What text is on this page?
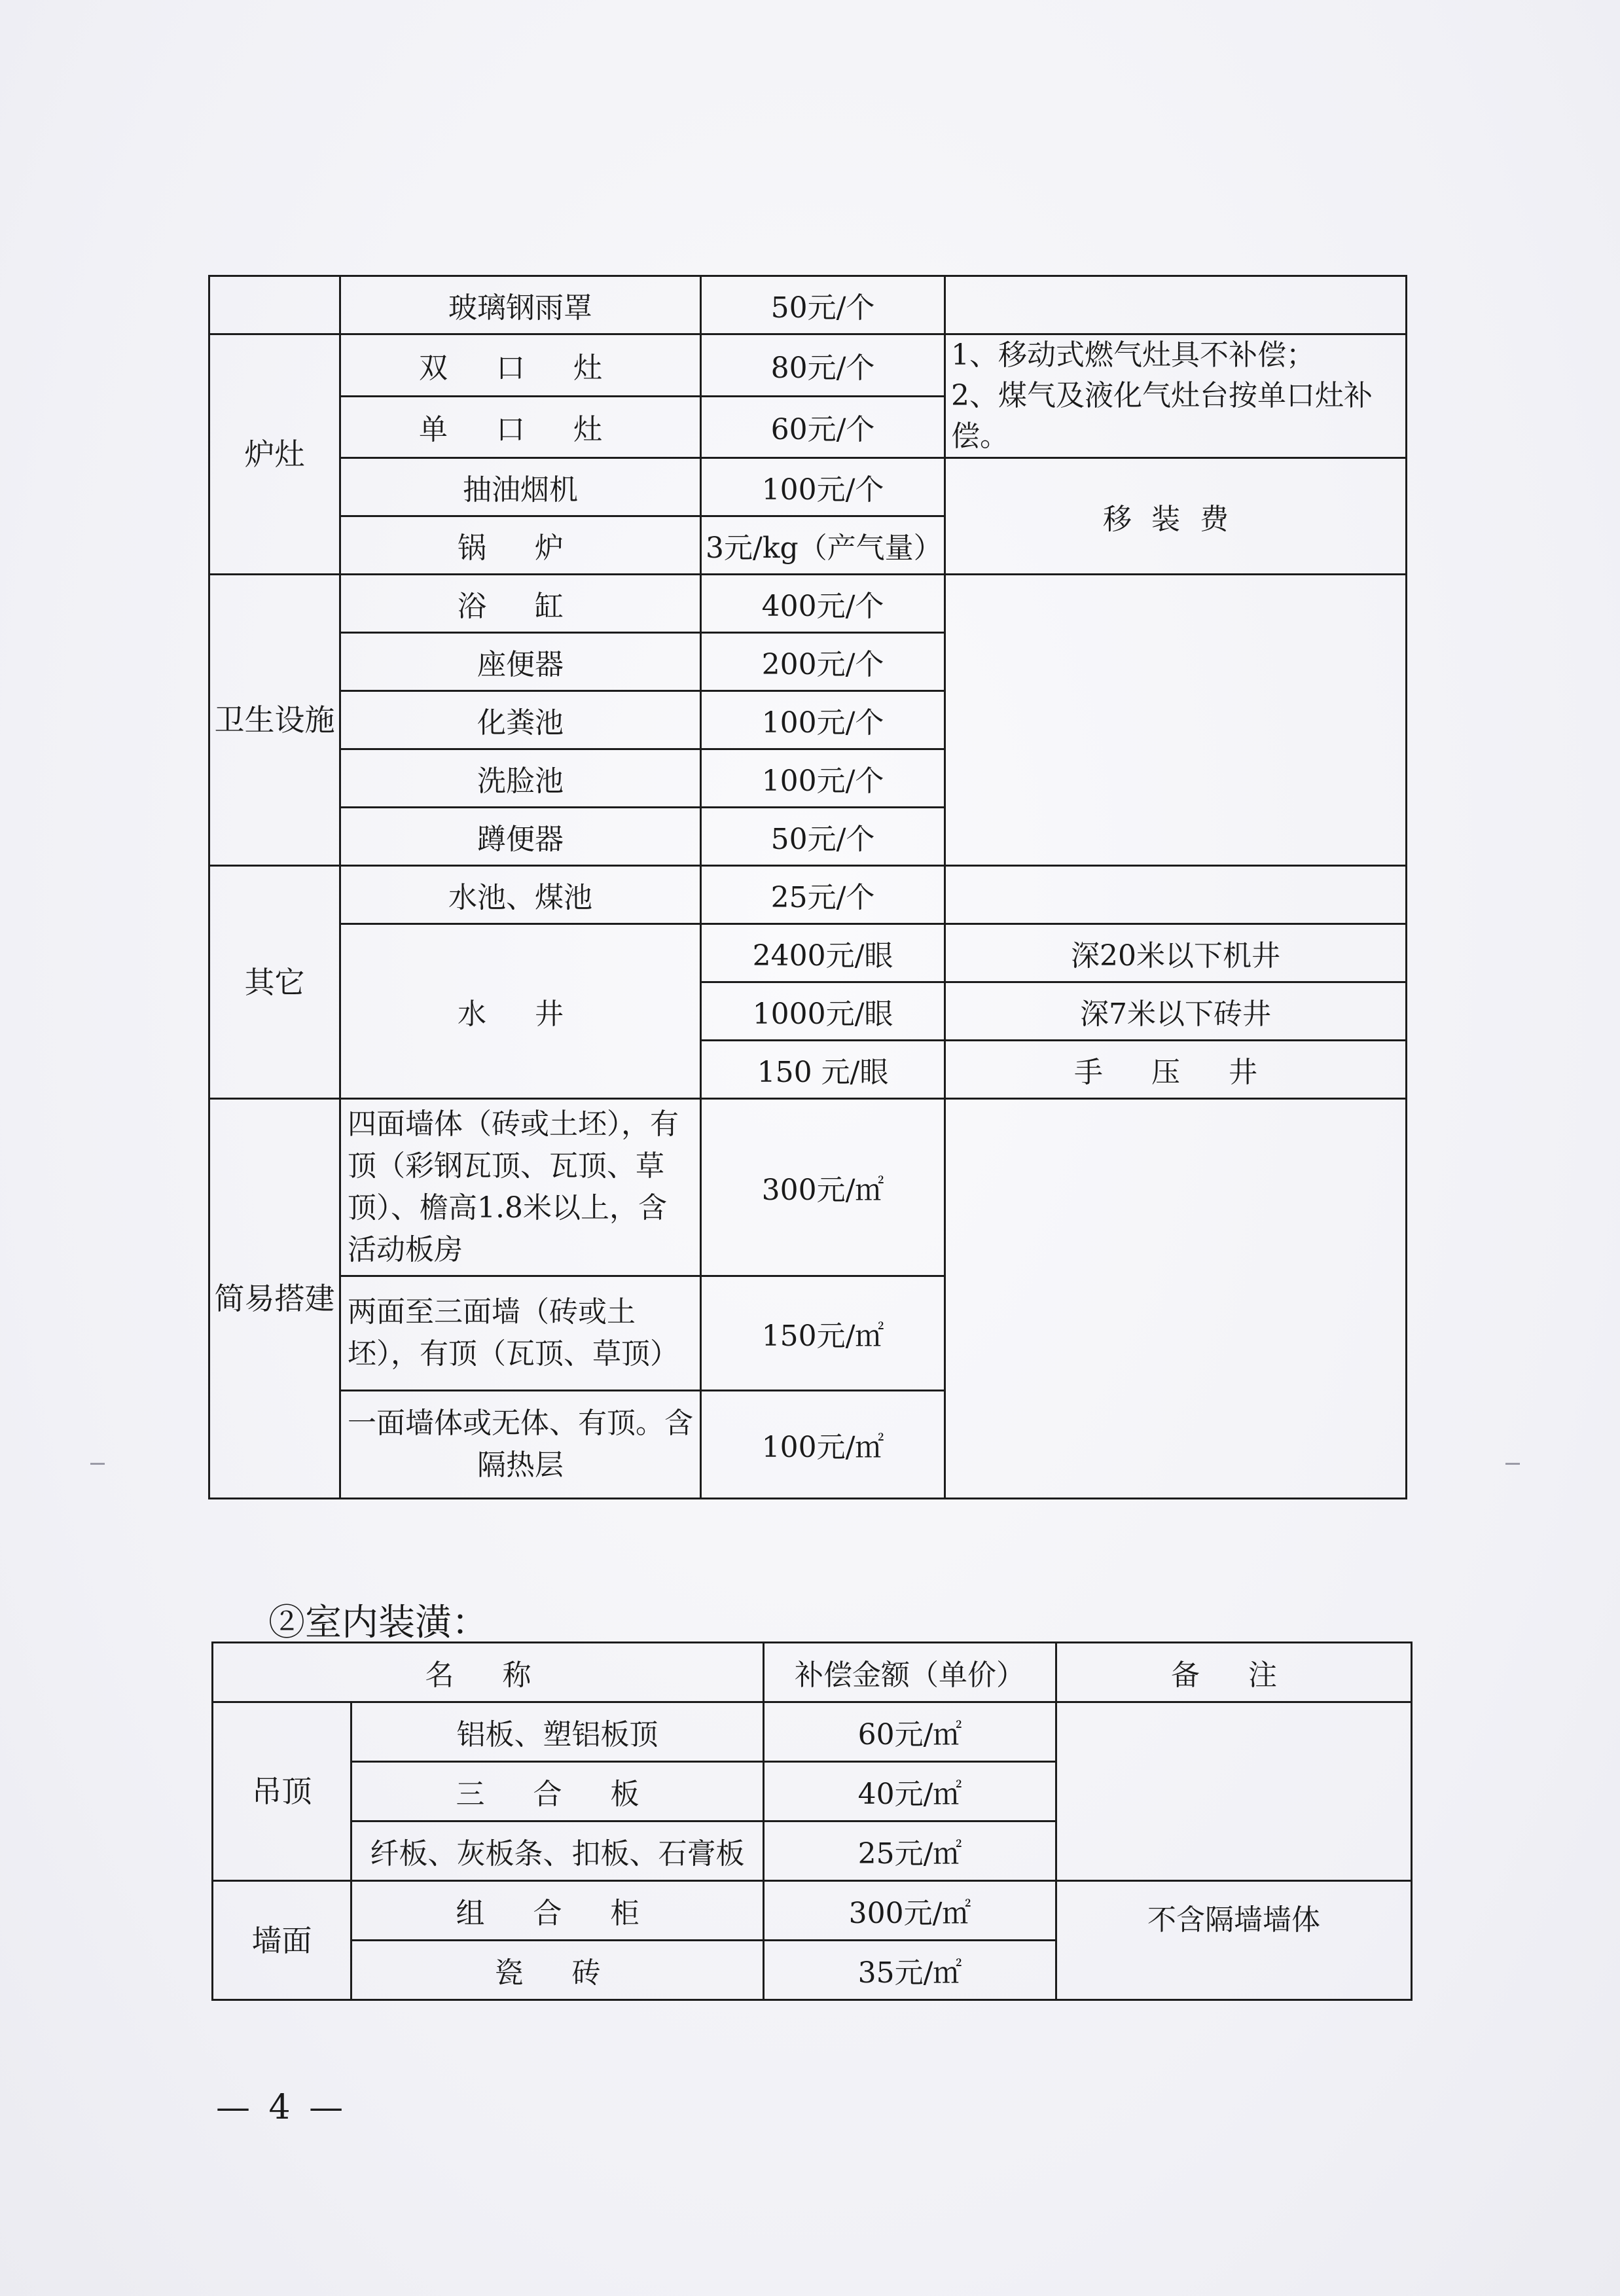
	玻璃钢雨罩	50元/个	
炉灶	双 口 灶	80元/个	1、移动式燃气灶具不补偿；
2、煤气及液化气灶台按单口灶补偿。

	单 口 灶	60元/个	
	抽油烟机	100元/个	移装费
	锅 炉	3元/kg（产气量）	
卫生设施	浴 缸	400元/个	
	座便器	200元/个	
	化粪池	100元/个	
	洗脸池	100元/个	
	蹲便器	50元/个	
其它	水池、煤池	25元/个	
	水 井	2400元/眼	深20米以下机井
		1000元/眼	深7米以下砖井
		150 元/眼	手 压 井
简易搭建	四面墙体（砖或土坯），有顶（彩钢瓦顶、瓦顶、草顶）、檐高1.8米以上，含活动板房	300元/㎡	
	两面至三面墙（砖或土坯），有顶（瓦顶、草顶）	150元/㎡	
	一面墙体或无体、有顶。含隔热层	100元/㎡	
②室内装潢：
名 称		补偿金额（单价）	备 注
吊顶	铝板、塑铝板顶	60元/㎡	
	三 合 板	40元/㎡	
	纤板、灰板条、扣板、石膏板	25元/㎡	
墙面	组 合 柜	300元/㎡	不含隔墙墙体
	瓷 砖	35元/㎡	
— 4 —
